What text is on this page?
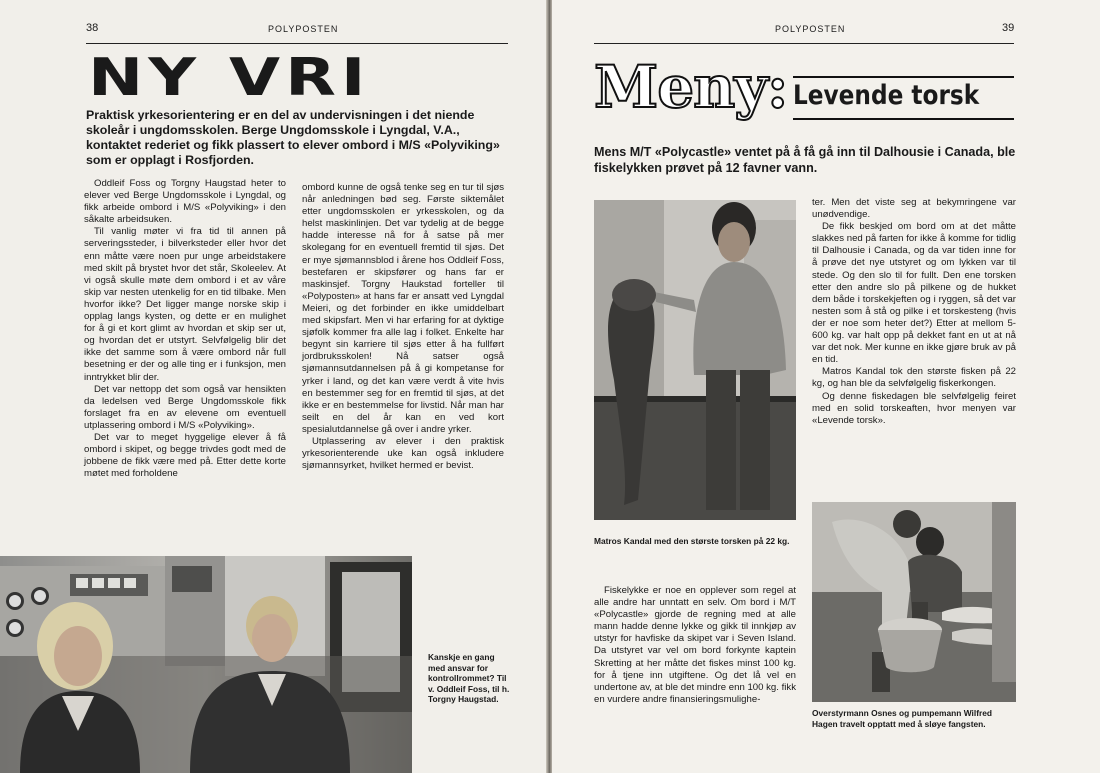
38	POLYPOSTEN
NY VRI
Praktisk yrkesorientering er en del av undervisningen i det niende skoleår i ungdomsskolen. Berge Ungdomsskole i Lyngdal, V.A., kontaktet rederiet og fikk plassert to elever ombord i M/S «Polyviking» som er opplagt i Rosfjorden.

Oddleif Foss og Torgny Haugstad heter to elever ved Berge Ungdomsskole i Lyngdal, og fikk arbeide ombord i M/S «Polyviking» i den såkalte arbeidsuken.

Til vanlig møter vi fra tid til annen på serveringssteder, i bilverksteder eller hvor det enn måtte være noen pur unge arbeidstakere med skilt på brystet hvor det står, Skoleelev. At vi også skulle møte dem ombord i et av våre skip var nesten utenkelig for en tid tilbake. Men hvorfor ikke? Det ligger mange norske skip i opplag langs kysten, og dette er en mulighet for å gi et kort glimt av hvordan et skip ser ut, og hvordan det er utstyrt. Selvfølgelig blir det ikke det samme som å være ombord når full besetning er der og alle ting er i funksjon, men inntrykket blir der.

Det var nettopp det som også var hensikten da ledelsen ved Berge Ungdomsskole fikk forslaget fra en av elevene om eventuell utplassering ombord i M/S «Polyviking».

Det var to meget hyggelige elever å få ombord i skipet, og begge trivdes godt med de jobbene de fikk være med på. Etter dette korte møtet med forholdene

ombord kunne de også tenke seg en tur til sjøs når anledningen bød seg. Første siktemålet etter ungdomsskolen er yrkesskolen, og da helst maskinlinjen. Det var tydelig at de begge hadde interesse nå for å satse på mer skolegang for en eventuell fremtid til sjøs. Det er mye sjømannsblod i årene hos Oddleif Foss, bestefaren er skipsfører og hans far er maskinsjef. Torgny Haukstad forteller til «Polyposten» at hans far er ansatt ved Lyngdal Meieri, og det forbinder en ikke umiddelbart med skipsfart. Men vi har erfaring for at dyktige sjøfolk kommer fra alle lag i folket. Enkelte har begynt sin karriere til sjøs etter å ha fullført jordbruksskolen! Nå satser også sjømannsutdannelsen på å gi kompetanse for yrker i land, og det kan være verdt å vite hvis en bestemmer seg for en fremtid til sjøs, at det ikke er en bestemmelse for livstid. Når man har seilt en del år kan en ved kort spesialutdannelse gå over i andre yrker.

Utplassering av elever i den praktisk yrkesorienterende uke kan også inkludere sjømannsyrket, hvilket hermed er bevist.

Kanskje en gang med ansvar for kontrollrommet? Til v. Oddleif Foss, til h. Torgny Haugstad.
POLYPOSTEN	39
Meny: Levende torsk
Mens M/T «Polycastle» ventet på å få gå inn til Dalhousie i Canada, ble fiskelykken prøvet på 12 favner vann.
Matros Kandal med den største torsken på 22 kg.

Fiskelykke er noe en opplever som regel at alle andre har unntatt en selv. Om bord i M/T «Polycastle» gjorde de regning med at alle mann hadde denne lykke og gikk til innkjøp av utstyr for havfiske da skipet var i Seven Island. Da utstyret var vel om bord forkynte kaptein Skretting at her måtte det fiskes minst 100 kg. for å tjene inn utgiftene. Og det lå vel en undertone av, at ble det mindre enn 100 kg. fikk en vurdere andre finansieringsmulighe-

ter. Men det viste seg at bekymringene var unødvendige.

De fikk beskjed om bord om at det måtte slakkes ned på farten for ikke å komme for tidlig til Dalhousie i Canada, og da var tiden inne for å prøve det nye utstyret og om lykken var til stede. Og den slo til for fullt. Den ene torsken etter den andre slo på pilkene og de hukket dem både i torskekjeften og i ryggen, så det var nesten som å stå og pilke i et torskesteng (hvis der er noe som heter det?) Etter at mellom 5-600 kg. var halt opp på dekket fant en ut at nå var det nok. Mer kunne en ikke gjøre bruk av på en tid.

Matros Kandal tok den største fisken på 22 kg, og han ble da selvfølgelig fiskerkongen.

Og denne fiskedagen ble selvfølgelig feiret med en solid torskeaften, hvor menyen var «Levende torsk».

Overstyrmann Osnes og pumpemann Wilfred Hagen travelt opptatt med å sløye fangsten.
